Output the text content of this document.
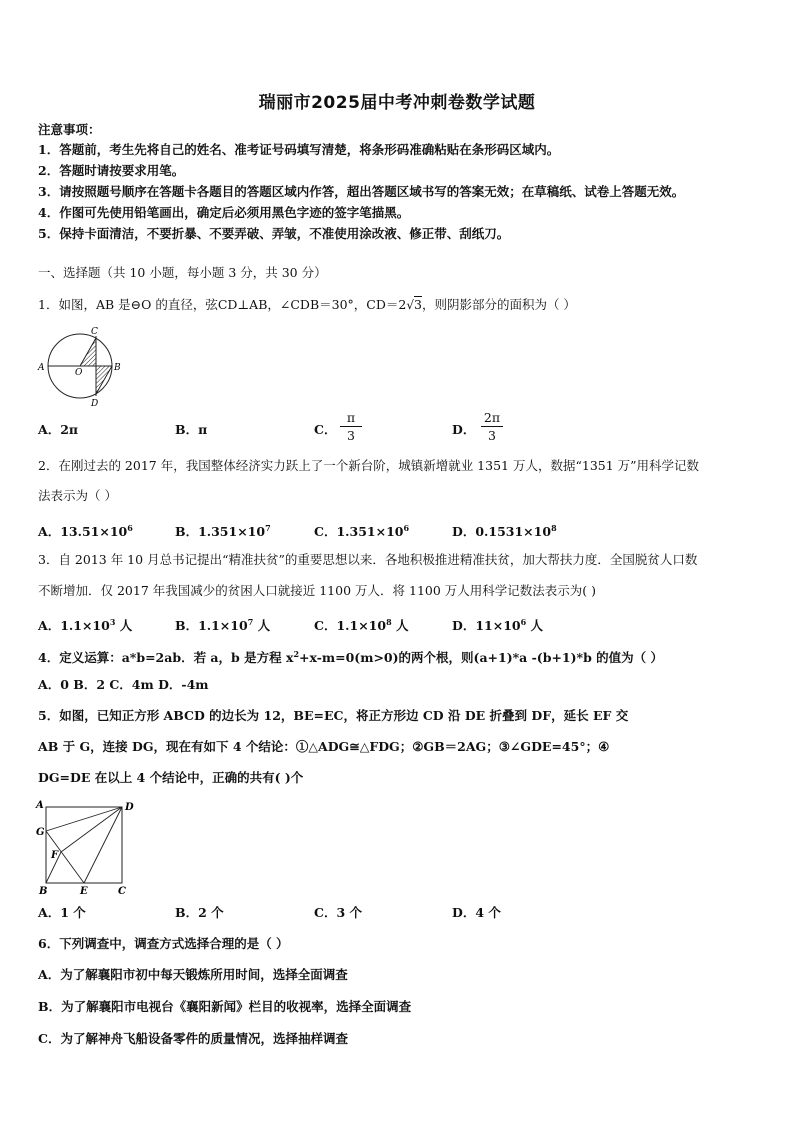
瑞丽市2025届中考冲刺卷数学试题
注意事项：
1．答题前，考生先将自己的姓名、准考证号码填写清楚，将条形码准确粘贴在条形码区域内。
2．答题时请按要求用笔。
3．请按照题号顺序在答题卡各题目的答题区域内作答，超出答题区域书写的答案无效；在草稿纸、试卷上答题无效。
4．作图可先使用铅笔画出，确定后必须用黑色字迹的签字笔描黑。
5．保持卡面清洁，不要折暴、不要弄破、弄皱，不准使用涂改液、修正带、刮纸刀。
一、选择题（共 10 小题，每小题 3 分，共 30 分）
1．如图，AB 是⊖O 的直径，弦CD⊥AB，∠CDB＝30°，CD＝2√3，则阴影部分的面积为（ ）
A	B
C
D
O
A．2π	B．π	C． $\frac{\pi}{3}$	D． $\frac{2\pi}{3}$
2．在刚过去的 2017 年，我国整体经济实力跃上了一个新台阶，城镇新增就业 1351 万人，数据“1351 万”用科学记数
法表示为（ ）
A．$13.51\times 10^6$	B．$1.351\times 10^7$	C．$1.351\times 10^6$	D．$0.1531\times 10^8$
3．自 2013 年 10 月总书记提出“精准扶贫”的重要思想以来．各地积极推进精准扶贫，加大帮扶力度．全国脱贫人口数
不断增加．仅 2017 年我国减少的贫困人口就接近 1100 万人．将 1100 万人用科学记数法表示为( )
A．$1.1\times 10^3$ 人	B．$1.1\times 10^7$ 人	C．$1.1\times 10^8$ 人	D．$11\times 10^6$ 人
4．定义运算：a*b=2ab．若 a，b 是方程 $x^2+x-m=0(m>0)$的两个根，则(a+1)*a -(b+1)*b 的值为（ ）
A．0 B．2 C．4m D．-4m
5．如图，已知正方形 ABCD 的边长为 12，BE=EC，将正方形边 CD 沿 DE 折叠到 DF，延长 EF 交
AB 于 G，连接 DG，现在有如下 4 个结论：①△ADG≅△FDG；②GB＝2AG；③∠GDE=45°；④
DG=DE 在以上 4 个结论中，正确的共有( )个
A	D
G
F
B	E	C
A．1 个	B．2 个	C．3 个	D．4 个
6．下列调查中，调查方式选择合理的是（ ）
A．为了解襄阳市初中每天锻炼所用时间，选择全面调查
B．为了解襄阳市电视台《襄阳新闻》栏目的收视率，选择全面调查
C．为了解神舟飞船设备零件的质量情况，选择抽样调查
